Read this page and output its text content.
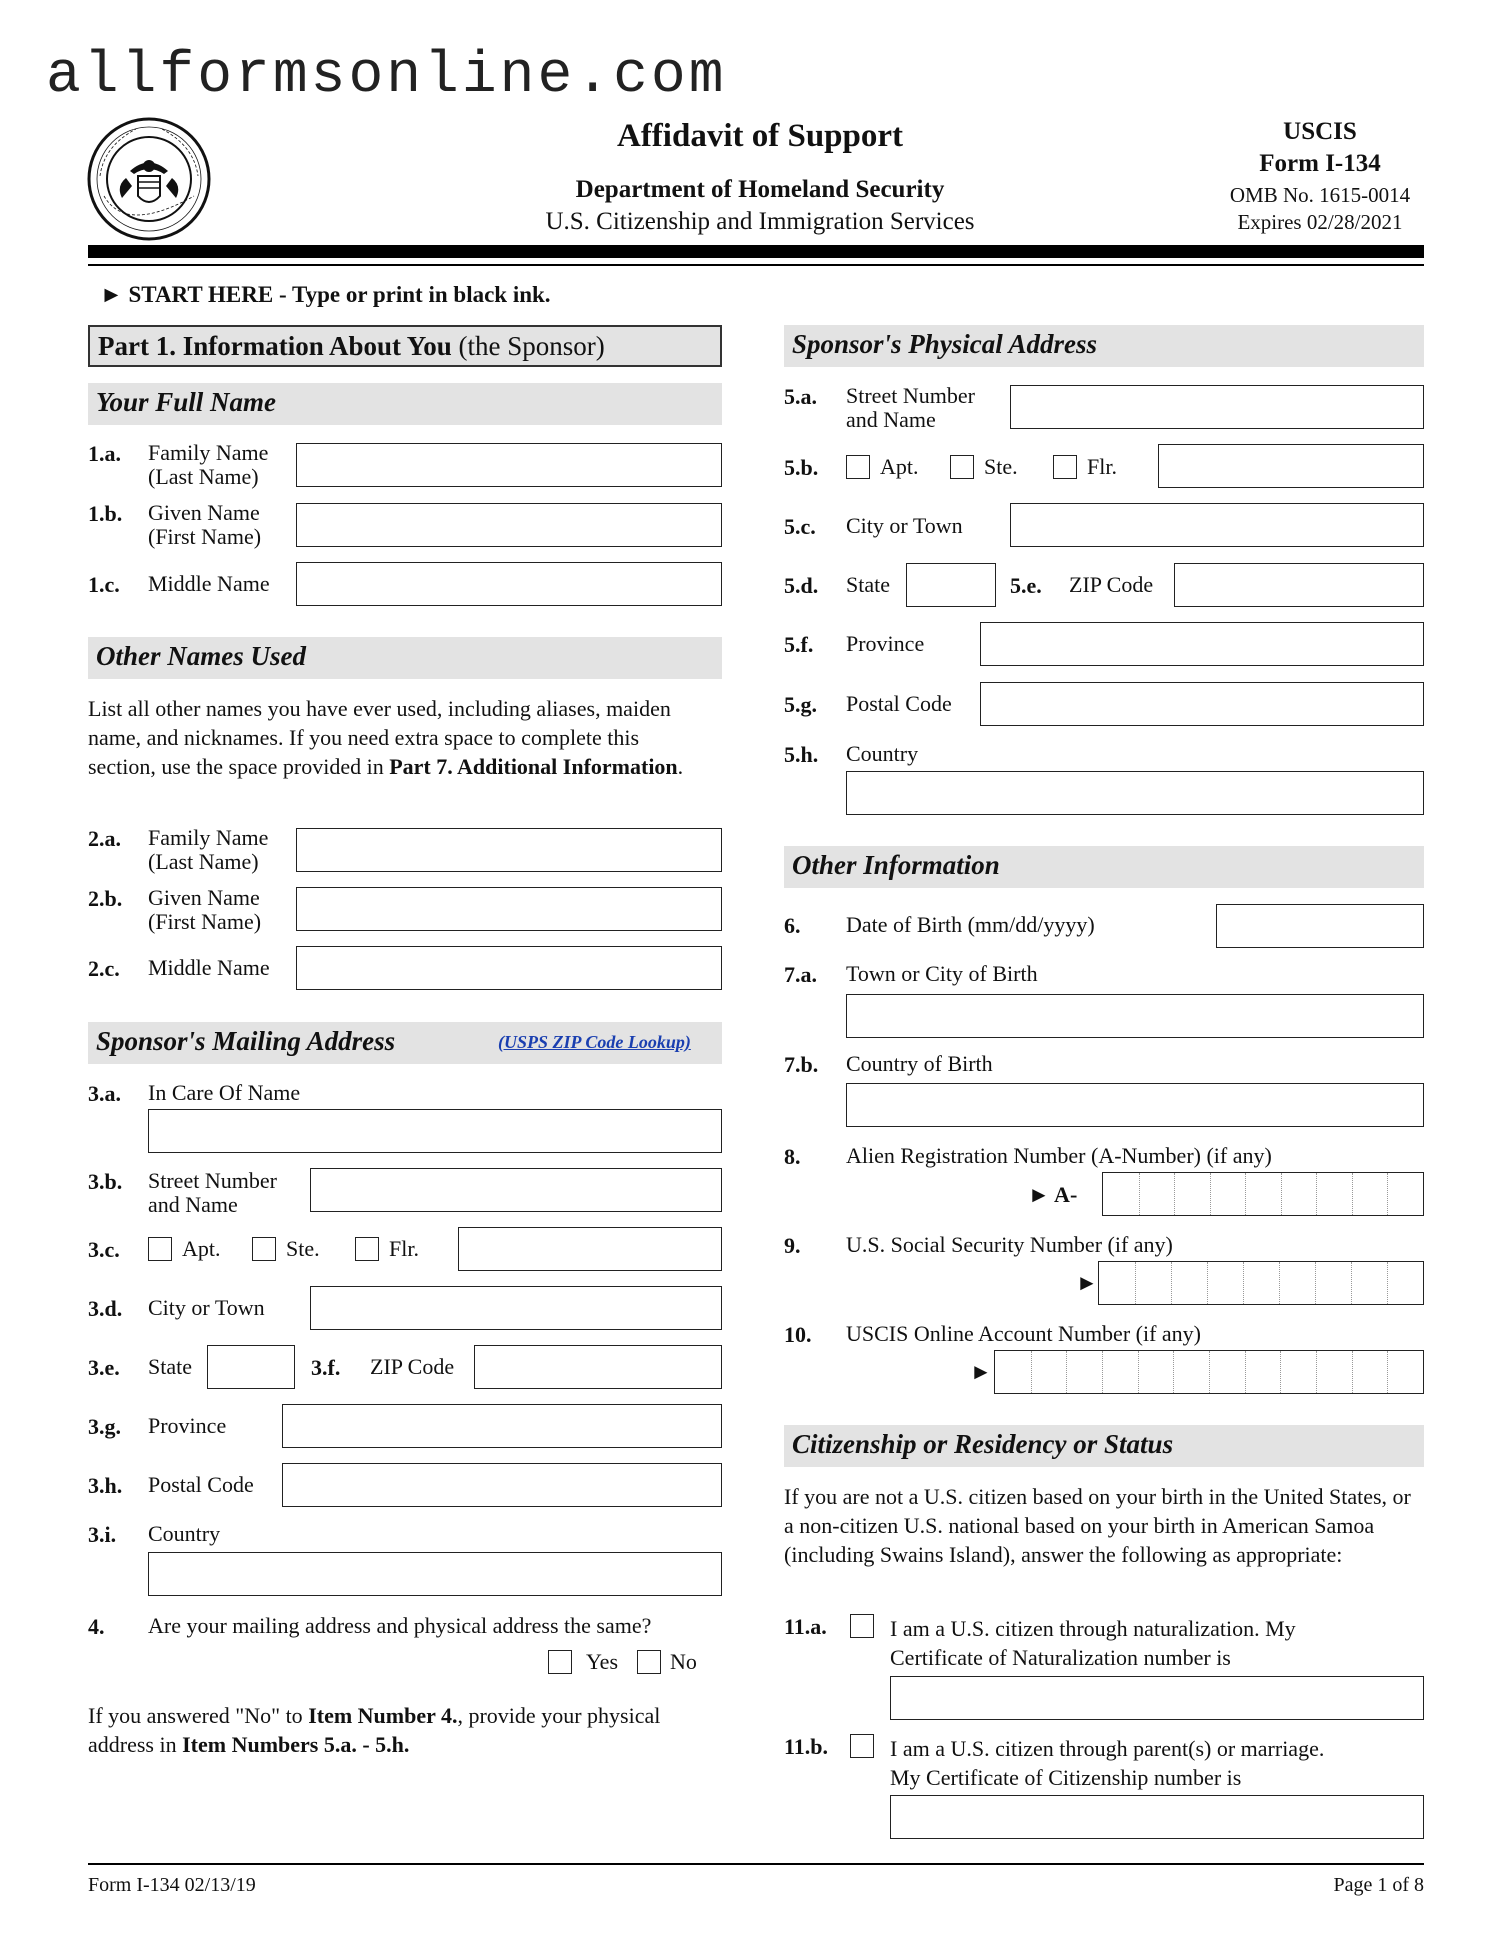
allformsonline.com
Affidavit of Support
Department of Homeland Security
U.S. Citizenship and Immigration Services
USCIS
Form I-134
OMB No. 1615-0014
Expires 02/28/2021
► START HERE - Type or print in black ink.
Part 1. Information About You (the Sponsor)
Your Full Name
1.a. Family Name
(Last Name)
1.b. Given Name
(First Name)
1.c. Middle Name
Other Names Used
List all other names you have ever used, including aliases, maiden name, and nicknames. If you need extra space to complete this section, use the space provided in Part 7. Additional Information.
2.a. Family Name
(Last Name)
2.b. Given Name
(First Name)
2.c. Middle Name
Sponsor's Mailing Address	(USPS ZIP Code Lookup)
3.a. In Care Of Name
3.b. Street Number
and Name
3.c.	Apt.	Ste.	Flr.
3.d. City or Town
3.e. State	3.f. ZIP Code
3.g. Province
3.h. Postal Code
3.i. Country
4. Are your mailing address and physical address the same?
Yes No
If you answered "No" to Item Number 4., provide your physical address in Item Numbers 5.a. - 5.h.
Sponsor's Physical Address
5.a. Street Number
and Name
5.b.	Apt.	Ste.	Flr.
5.c. City or Town
5.d. State	5.e. ZIP Code
5.f. Province
5.g. Postal Code
5.h. Country
Other Information
6. Date of Birth (mm/dd/yyyy)
7.a. Town or City of Birth
7.b. Country of Birth
8. Alien Registration Number (A-Number) (if any)
► A-
9. U.S. Social Security Number (if any)
►
10. USCIS Online Account Number (if any)
►
Citizenship or Residency or Status
If you are not a U.S. citizen based on your birth in the United States, or a non-citizen U.S. national based on your birth in American Samoa (including Swains Island), answer the following as appropriate:
11.a.	I am a U.S. citizen through naturalization. My
Certificate of Naturalization number is
11.b.	I am a U.S. citizen through parent(s) or marriage.
My Certificate of Citizenship number is
Form I-134 02/13/19	Page 1 of 8
